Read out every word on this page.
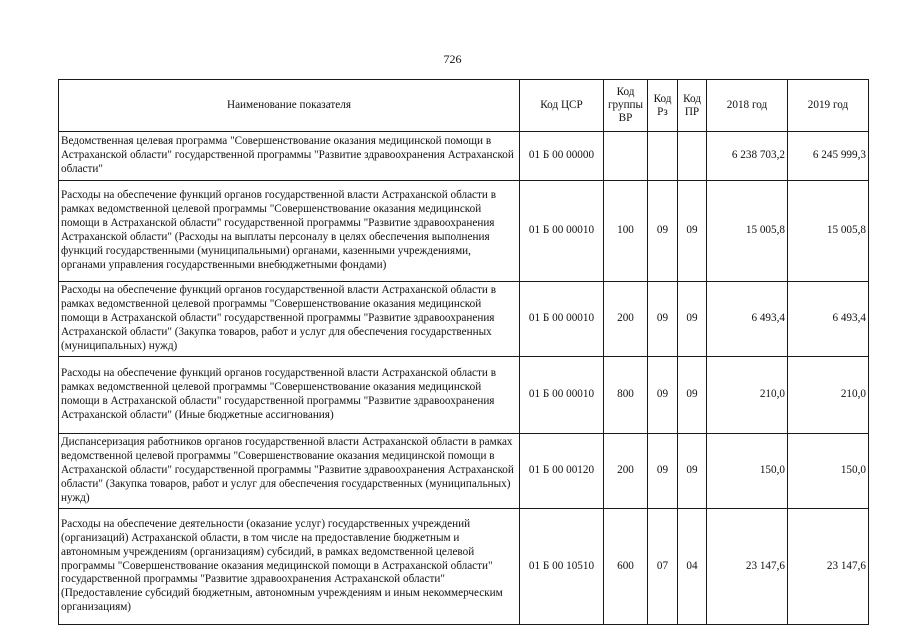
726
Наименование показателя	Код ЦСР	Код группы ВР	Код Рз	Код ПР	2018 год	2019 год
Ведомственная целевая программа "Совершенствование оказания медицинской помощи в Астраханской области" государственной программы "Развитие здравоохранения Астраханской области"	01 Б 00 00000				6 238 703,2	6 245 999,3
Расходы на обеспечение функций органов государственной власти Астраханской области в рамках ведомственной целевой программы "Совершенствование оказания медицинской помощи в Астраханской области" государственной программы "Развитие здравоохранения Астраханской области" (Расходы на выплаты персоналу в целях обеспечения выполнения функций государственными (муниципальными) органами, казенными учреждениями, органами управления государственными внебюджетными фондами)	01 Б 00 00010	100	09	09	15 005,8	15 005,8
Расходы на обеспечение функций органов государственной власти Астраханской области в рамках ведомственной целевой программы "Совершенствование оказания медицинской помощи в Астраханской области" государственной программы "Развитие здравоохранения Астраханской области" (Закупка товаров, работ и услуг для обеспечения государственных (муниципальных) нужд)	01 Б 00 00010	200	09	09	6 493,4	6 493,4
Расходы на обеспечение функций органов государственной власти Астраханской области в рамках ведомственной целевой программы "Совершенствование оказания медицинской помощи в Астраханской области" государственной программы "Развитие здравоохранения Астраханской области" (Иные бюджетные ассигнования)	01 Б 00 00010	800	09	09	210,0	210,0
Диспансеризация работников органов государственной власти Астраханской области в рамках ведомственной целевой программы "Совершенствование оказания медицинской помощи в Астраханской области" государственной программы "Развитие здравоохранения Астраханской области" (Закупка товаров, работ и услуг для обеспечения государственных (муниципальных) нужд)	01 Б 00 00120	200	09	09	150,0	150,0
Расходы на обеспечение деятельности (оказание услуг) государственных учреждений (организаций) Астраханской области, в том числе на предоставление бюджетным и автономным учреждениям (организациям) субсидий, в рамках ведомственной целевой программы "Совершенствование оказания медицинской помощи в Астраханской области" государственной программы "Развитие здравоохранения Астраханской области" (Предоставление субсидий бюджетным, автономным учреждениям и иным некоммерческим организациям)	01 Б 00 10510	600	07	04	23 147,6	23 147,6
